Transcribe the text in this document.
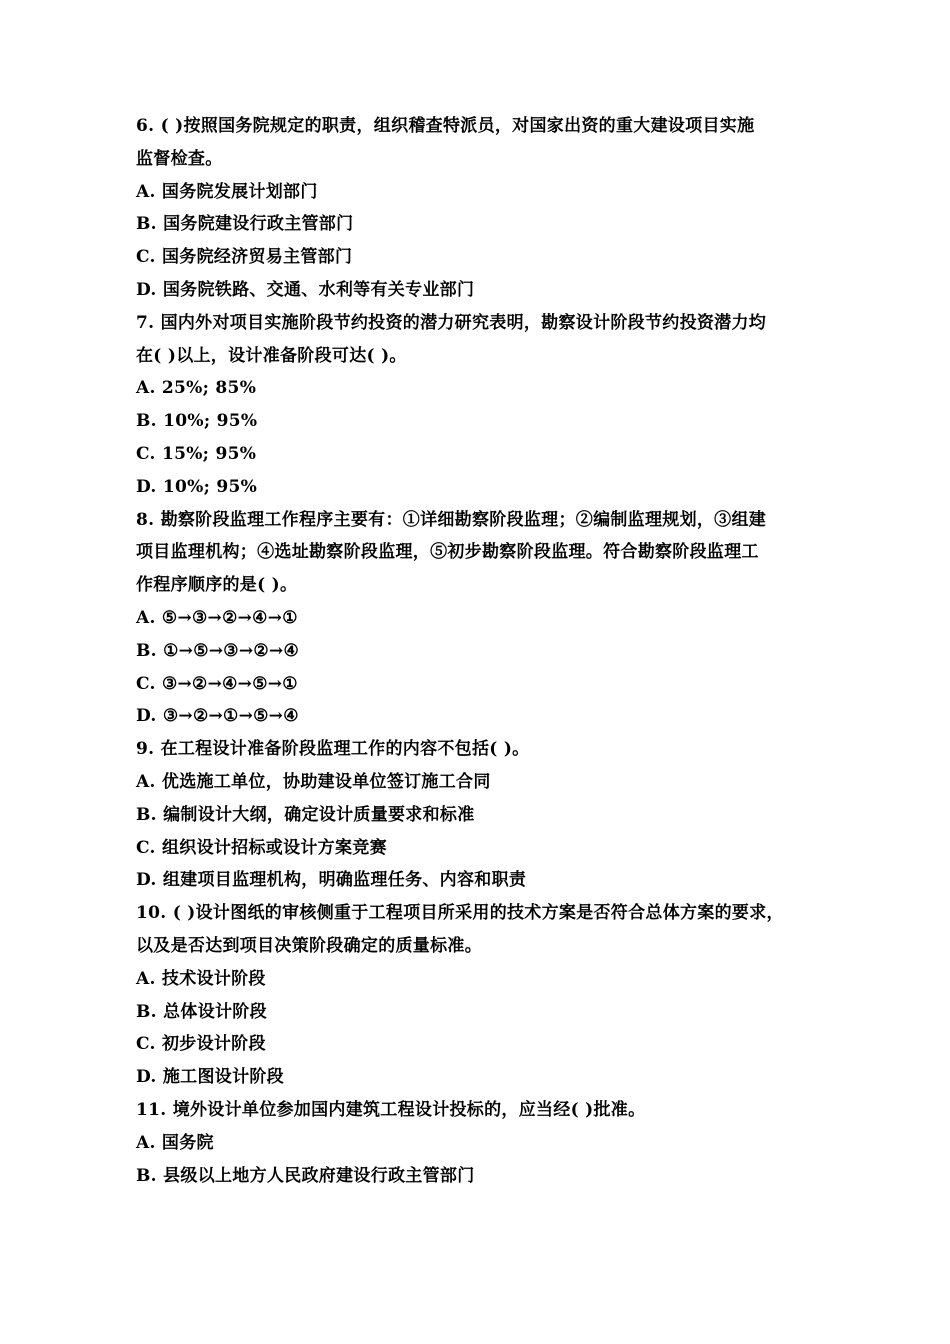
6. ( )按照国务院规定的职责，组织稽查特派员，对国家出资的重大建设项目实施
监督检查。
A. 国务院发展计划部门
B. 国务院建设行政主管部门
C. 国务院经济贸易主管部门
D. 国务院铁路、交通、水利等有关专业部门
7. 国内外对项目实施阶段节约投资的潜力研究表明，勘察设计阶段节约投资潜力均
在( )以上，设计准备阶段可达( )。
A. 25%; 85%
B. 10%; 95%
C. 15%; 95%
D. 10%; 95%
8. 勘察阶段监理工作程序主要有：①详细勘察阶段监理；②编制监理规划，③组建
项目监理机构；④选址勘察阶段监理，⑤初步勘察阶段监理。符合勘察阶段监理工
作程序顺序的是( )。
A. ⑤→③→②→④→①
B. ①→⑤→③→②→④
C. ③→②→④→⑤→①
D. ③→②→①→⑤→④
9. 在工程设计准备阶段监理工作的内容不包括( )。
A. 优选施工单位，协助建设单位签订施工合同
B. 编制设计大纲，确定设计质量要求和标准
C. 组织设计招标或设计方案竞赛
D. 组建项目监理机构，明确监理任务、内容和职责
10. ( )设计图纸的审核侧重于工程项目所采用的技术方案是否符合总体方案的要求，
以及是否达到项目决策阶段确定的质量标准。
A. 技术设计阶段
B. 总体设计阶段
C. 初步设计阶段
D. 施工图设计阶段
11. 境外设计单位参加国内建筑工程设计投标的，应当经( )批准。
A. 国务院
B. 县级以上地方人民政府建设行政主管部门
